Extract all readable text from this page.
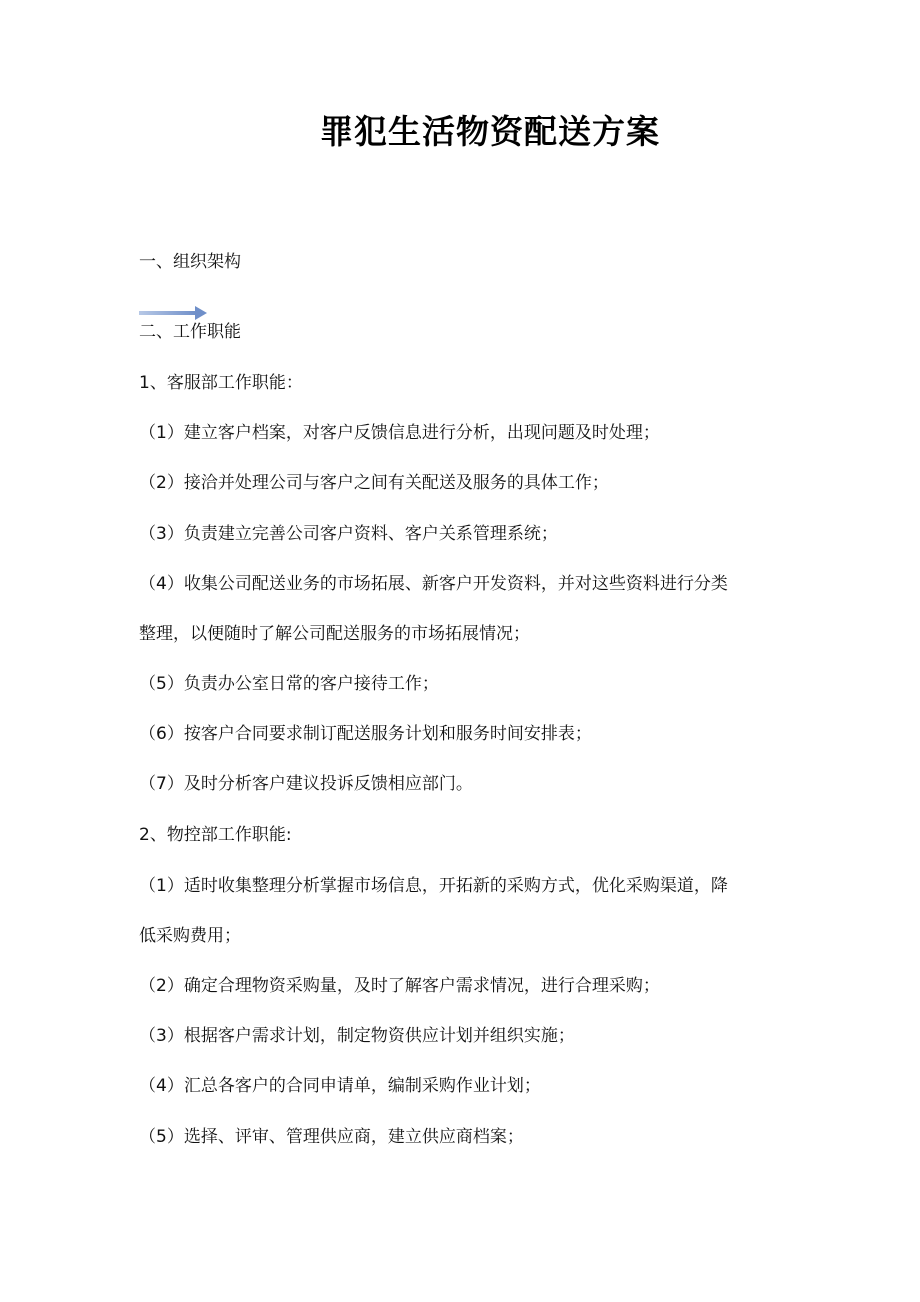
罪犯生活物资配送方案
一、组织架构
二、工作职能
1、客服部工作职能：
（1）建立客户档案，对客户反馈信息进行分析，出现问题及时处理；
（2）接洽并处理公司与客户之间有关配送及服务的具体工作；
（3）负责建立完善公司客户资料、客户关系管理系统；
（4）收集公司配送业务的市场拓展、新客户开发资料，并对这些资料进行分类
整理，以便随时了解公司配送服务的市场拓展情况；
（5）负责办公室日常的客户接待工作；
（6）按客户合同要求制订配送服务计划和服务时间安排表；
（7）及时分析客户建议投诉反馈相应部门。
2、物控部工作职能:
（1）适时收集整理分析掌握市场信息，开拓新的采购方式，优化采购渠道，降
低采购费用；
（2）确定合理物资采购量，及时了解客户需求情况，进行合理采购；
（3）根据客户需求计划，制定物资供应计划并组织实施；
（4）汇总各客户的合同申请单，编制采购作业计划；
（5）选择、评审、管理供应商，建立供应商档案；
